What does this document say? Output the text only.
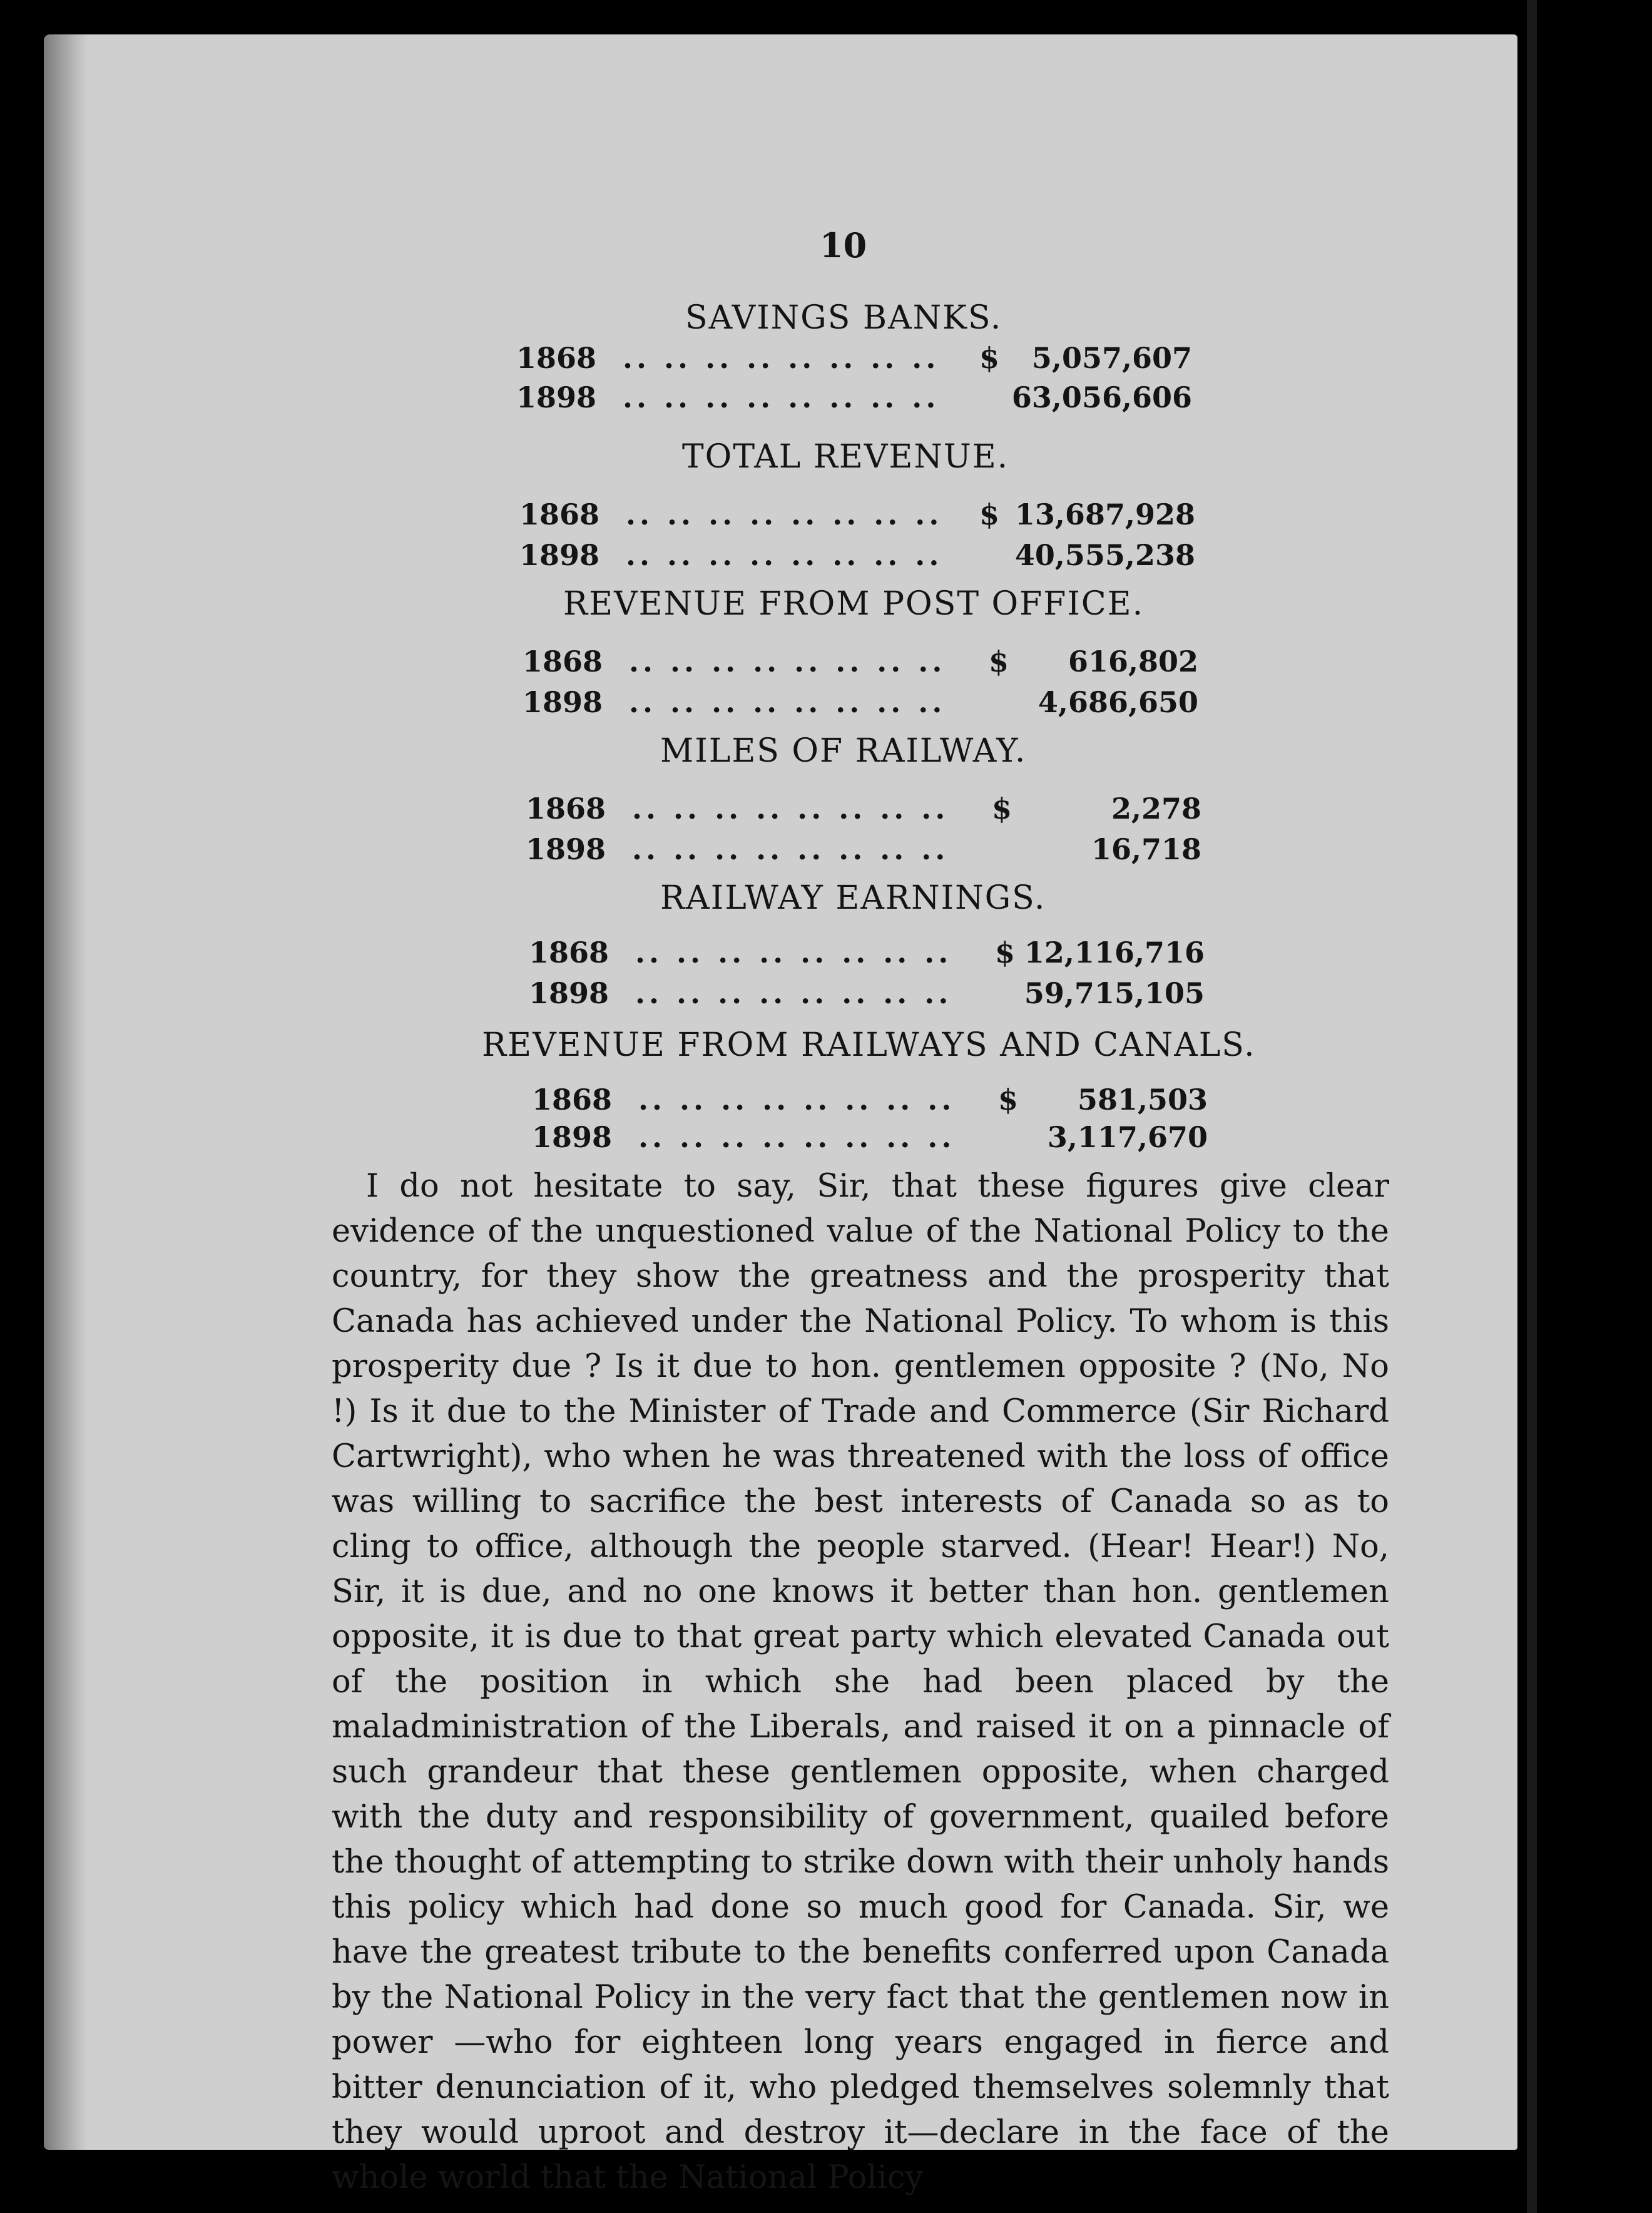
10
SAVINGS BANKS.
1868 .. .. .. .. .. .. .. .. $ 5,057,607
1898 .. .. .. .. .. .. .. ..	63,056,606
TOTAL REVENUE.
1868 .. .. .. .. .. .. .. .. $ 13,687,928
1898 .. .. .. .. .. .. .. ..	40,555,238
REVENUE FROM POST OFFICE.
1868 .. .. .. .. .. .. .. .. $ 616,802
1898 .. .. .. .. .. .. .. ..	4,686,650
MILES OF RAILWAY.
1868 .. .. .. .. .. .. .. .. $	2,278
1898 .. .. .. .. .. .. .. ..	16,718
RAILWAY EARNINGS.
1868 .. .. .. .. .. .. .. .. $ 12,116,716
1898 .. .. .. .. .. .. .. ..	59,715,105
REVENUE FROM RAILWAYS AND CANALS.
1868 .. .. .. .. .. .. .. .. $ 581,503
1898 .. .. .. .. .. .. .. ..	3,117,670

I do not hesitate to say, Sir, that these figures give clear evidence of the unquestioned value of the National Policy to the country, for they show the greatness and the prosperity that Canada has achieved under the National Policy. To whom is this prosperity due ? Is it due to hon. gentlemen opposite ? (No, No !) Is it due to the Minister of Trade and Commerce (Sir Richard Cartwright), who when he was threatened with the loss of office was willing to sacrifice the best interests of Canada so as to cling to office, although the people starved. (Hear! Hear!) No, Sir, it is due, and no one knows it better than hon. gentlemen opposite, it is due to that great party which elevated Canada out of the position in which she had been placed by the maladministration of the Liberals, and raised it on a pinnacle of such grandeur that these gentlemen opposite, when charged with the duty and responsibility of government, quailed before the thought of attempting to strike down with their unholy hands this policy which had done so much good for Canada. Sir, we have the greatest tribute to the benefits conferred upon Canada by the National Policy in the very fact that the gentlemen now in power —who for eighteen long years engaged in fierce and bitter denunciation of it, who pledged themselves solemnly that they would uproot and destroy it—declare in the face of the whole world that the National Policy
